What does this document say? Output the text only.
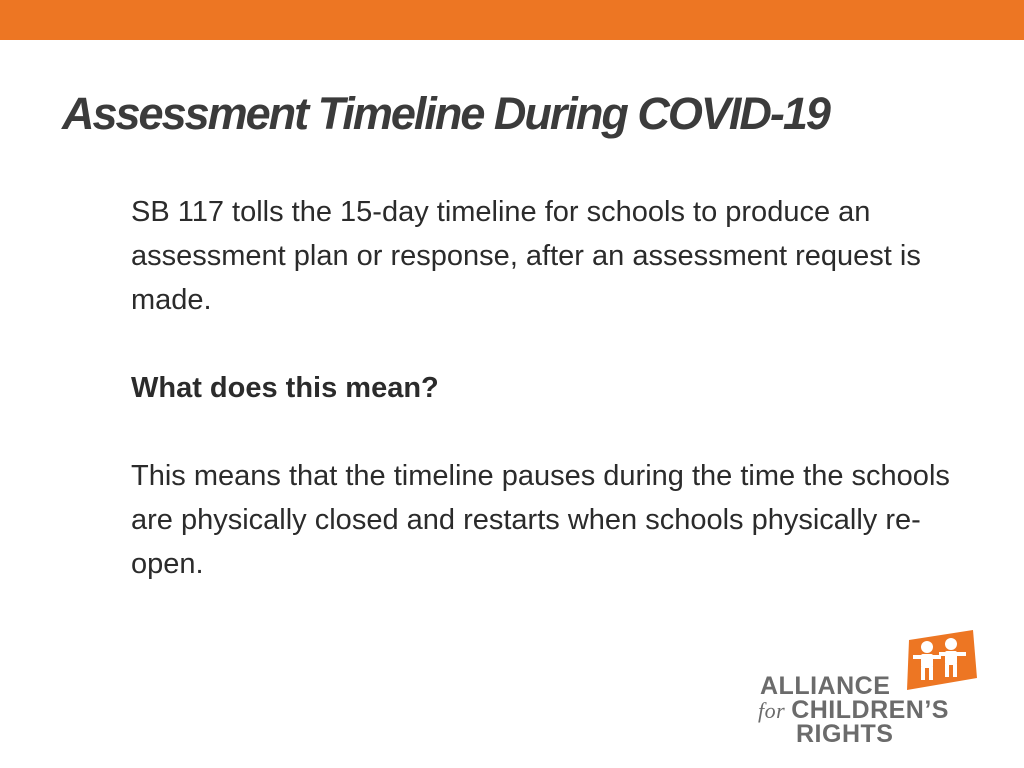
Assessment Timeline During COVID-19

SB 117 tolls the 15-day timeline for schools to produce an assessment plan or response, after an assessment request is made.

What does this mean?

This means that the timeline pauses during the time the schools are physically closed and restarts when schools physically re-open.

ALLIANCE
for CHILDREN’S
RIGHTS
